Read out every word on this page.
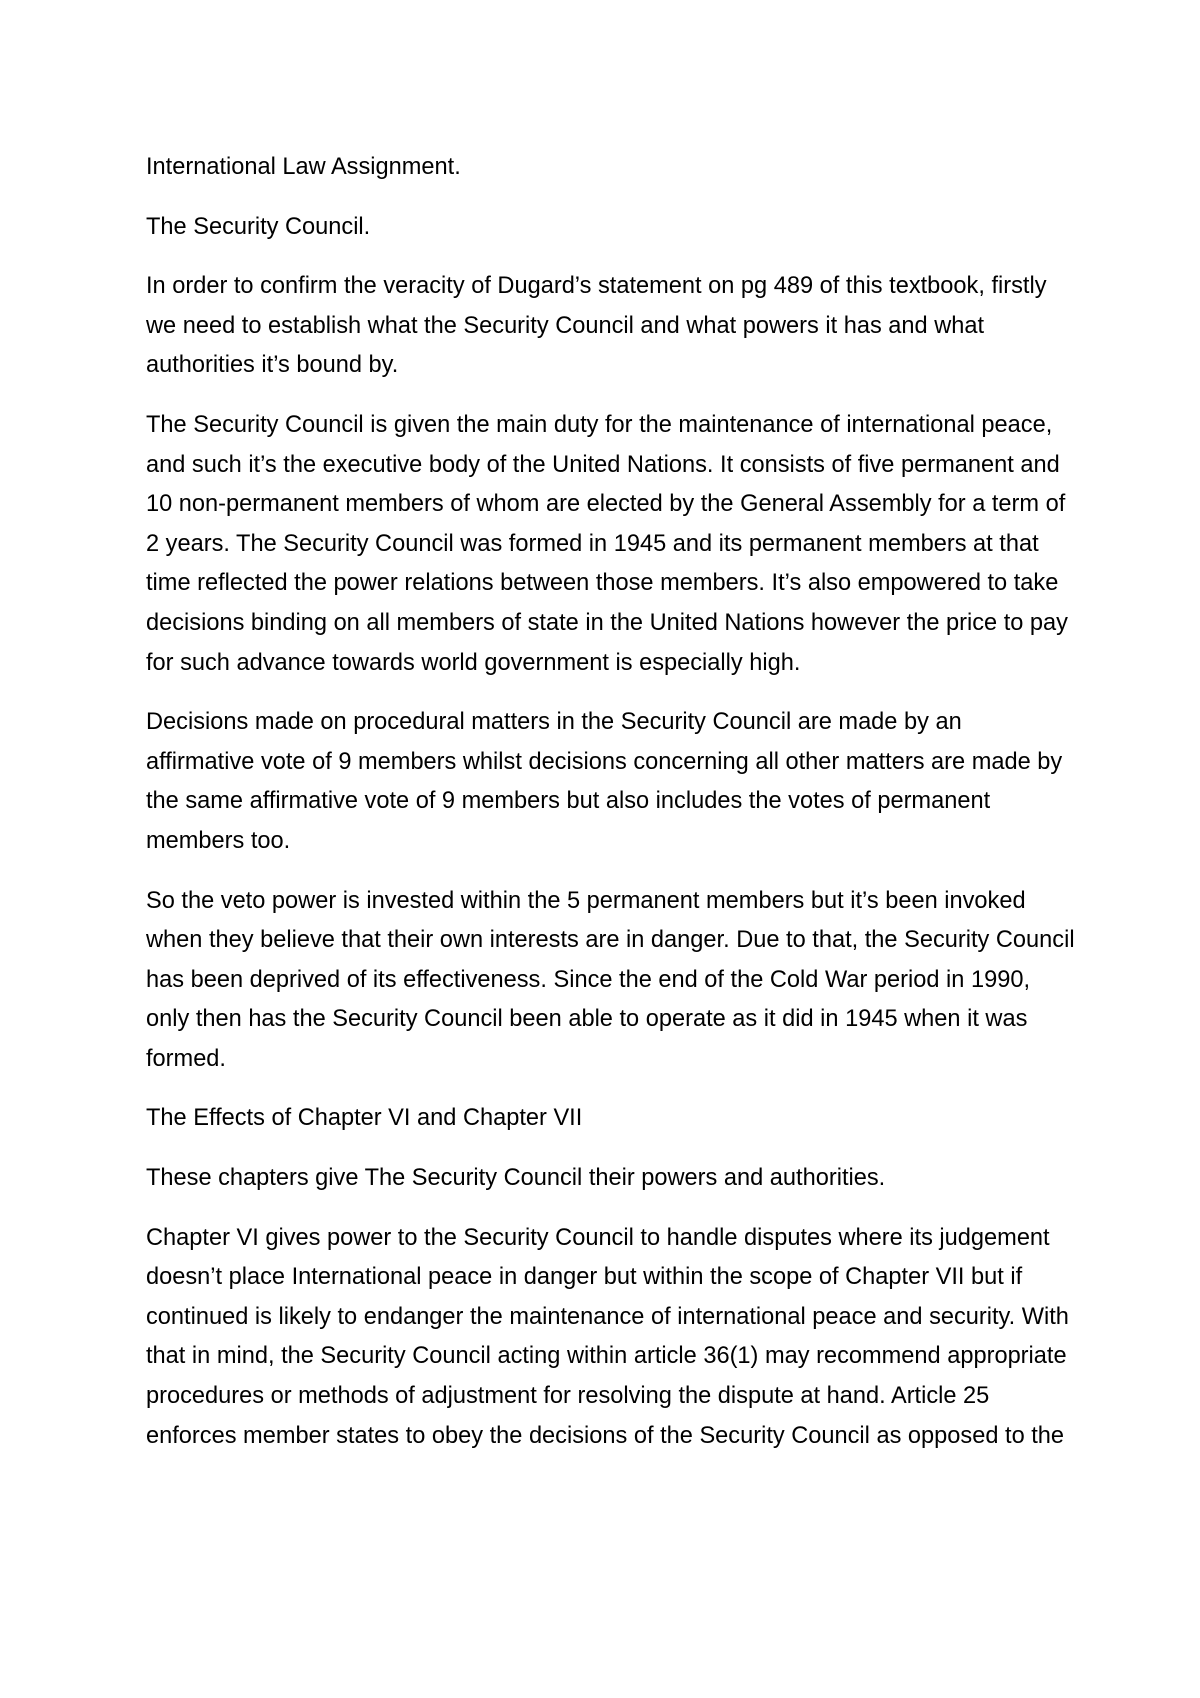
International Law Assignment.

The Security Council.

In order to confirm the veracity of Dugard’s statement on pg 489 of this textbook, firstly we need to establish what the Security Council and what powers it has and what authorities it’s bound by.

The Security Council is given the main duty for the maintenance of international peace, and such it’s the executive body of the United Nations. It consists of five permanent and 10 non-permanent members of whom are elected by the General Assembly for a term of 2 years. The Security Council was formed in 1945 and its permanent members at that time reflected the power relations between those members. It’s also empowered to take decisions binding on all members of state in the United Nations however the price to pay for such advance towards world government is especially high.

Decisions made on procedural matters in the Security Council are made by an affirmative vote of 9 members whilst decisions concerning all other matters are made by the same affirmative vote of 9 members but also includes the votes of permanent members too.

So the veto power is invested within the 5 permanent members but it’s been invoked when they believe that their own interests are in danger. Due to that, the Security Council has been deprived of its effectiveness. Since the end of the Cold War period in 1990, only then has the Security Council been able to operate as it did in 1945 when it was formed.

The Effects of Chapter VI and Chapter VII

These chapters give The Security Council their powers and authorities.

Chapter VI gives power to the Security Council to handle disputes where its judgement doesn’t place International peace in danger but within the scope of Chapter VII but if continued is likely to endanger the maintenance of international peace and security. With that in mind, the Security Council acting within article 36(1) may recommend appropriate procedures or methods of adjustment for resolving the dispute at hand. Article 25 enforces member states to obey the decisions of the Security Council as opposed to the
